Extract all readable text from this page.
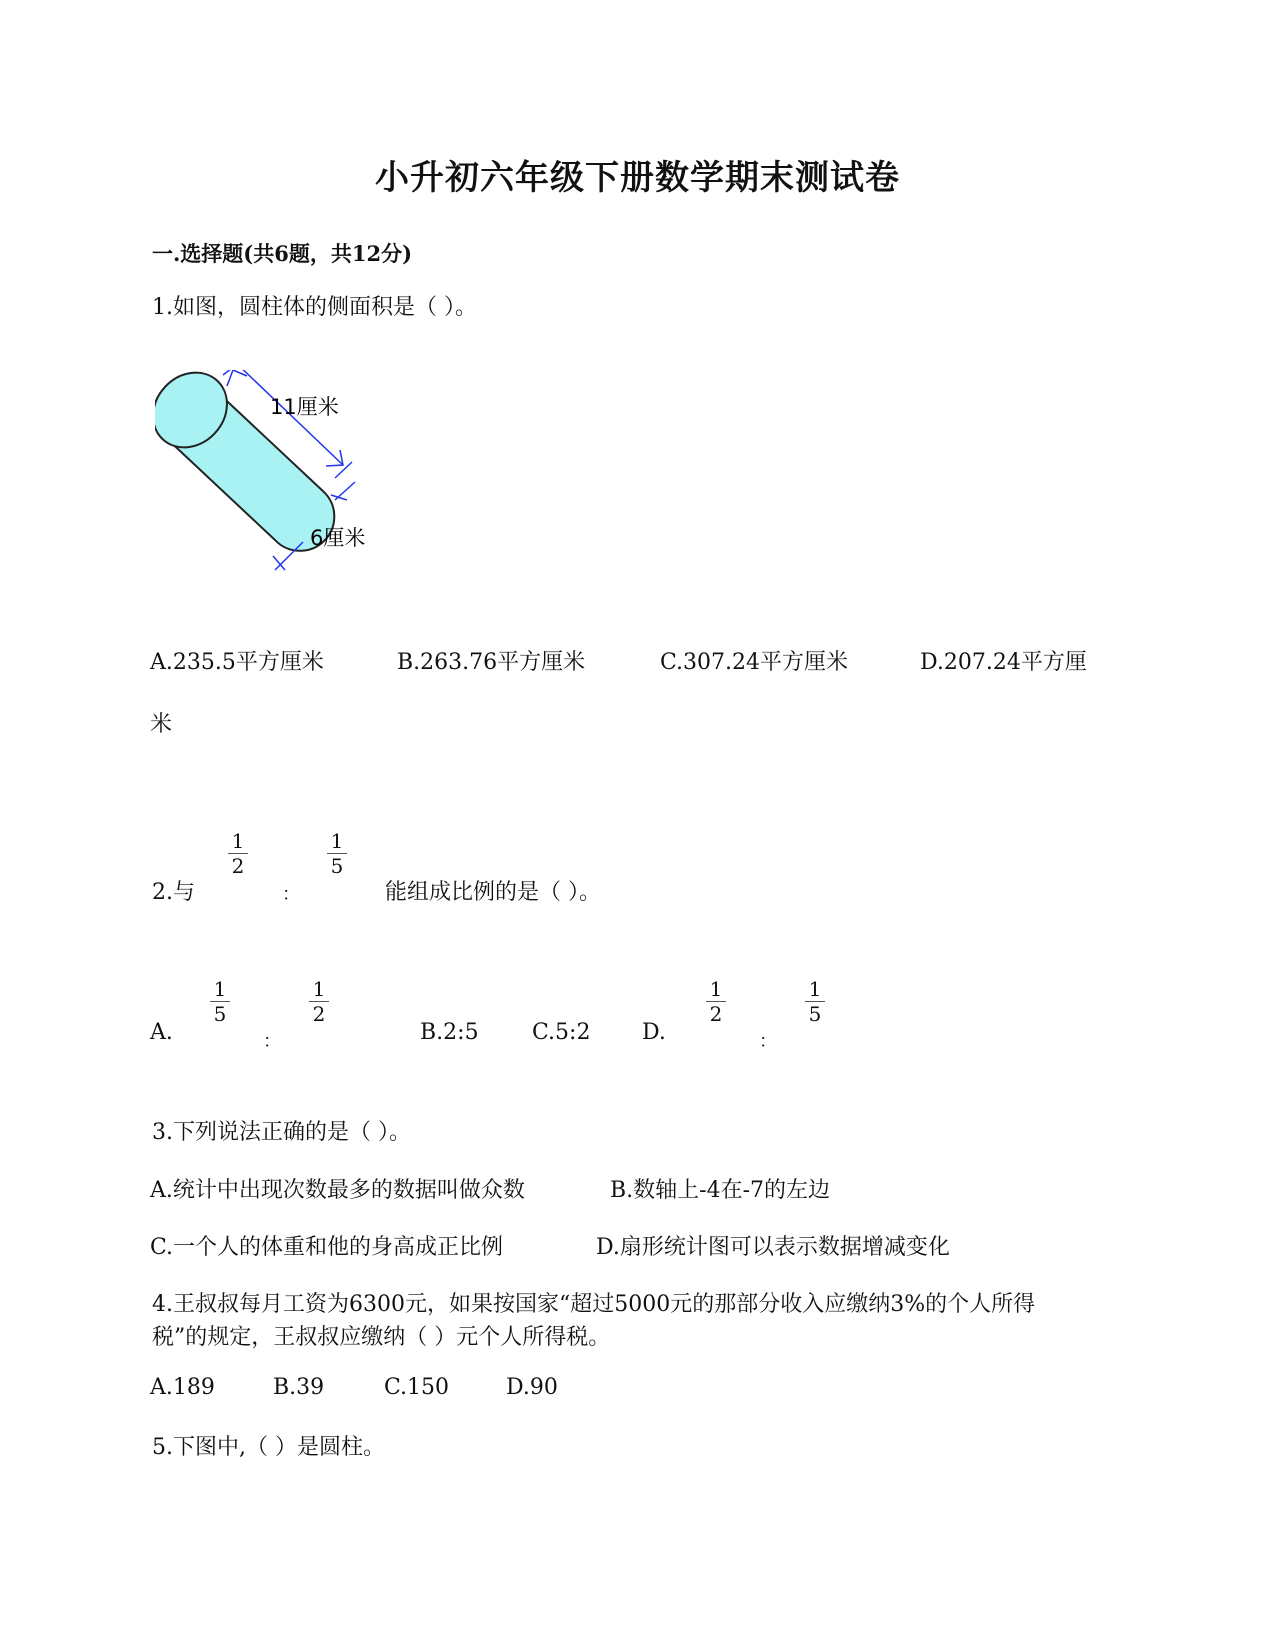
小升初六年级下册数学期末测试卷
一.选择题(共6题，共12分)
1.如图，圆柱体的侧面积是（ ）。
11厘米
6厘米
A.235.5平方厘米	B.263.76平方厘米	C.307.24平方厘米	D.207.24平方厘
米
2.与
1
2
：
1
5
能组成比例的是（ ）。
A.
1
5
：
1
2
B.2:5 C.5:2 D.
1
2
：
1
5
3.下列说法正确的是（ ）。
A.统计中出现次数最多的数据叫做众数	B.数轴上-4在-7的左边
C.一个人的体重和他的身高成正比例	D.扇形统计图可以表示数据增减变化
4.王叔叔每月工资为6300元，如果按国家“超过5000元的那部分收入应缴纳3%的个人所得
税”的规定，王叔叔应缴纳（ ）元个人所得税。
A.189	B.39	C.150	D.90
5.下图中,（ ）是圆柱。
